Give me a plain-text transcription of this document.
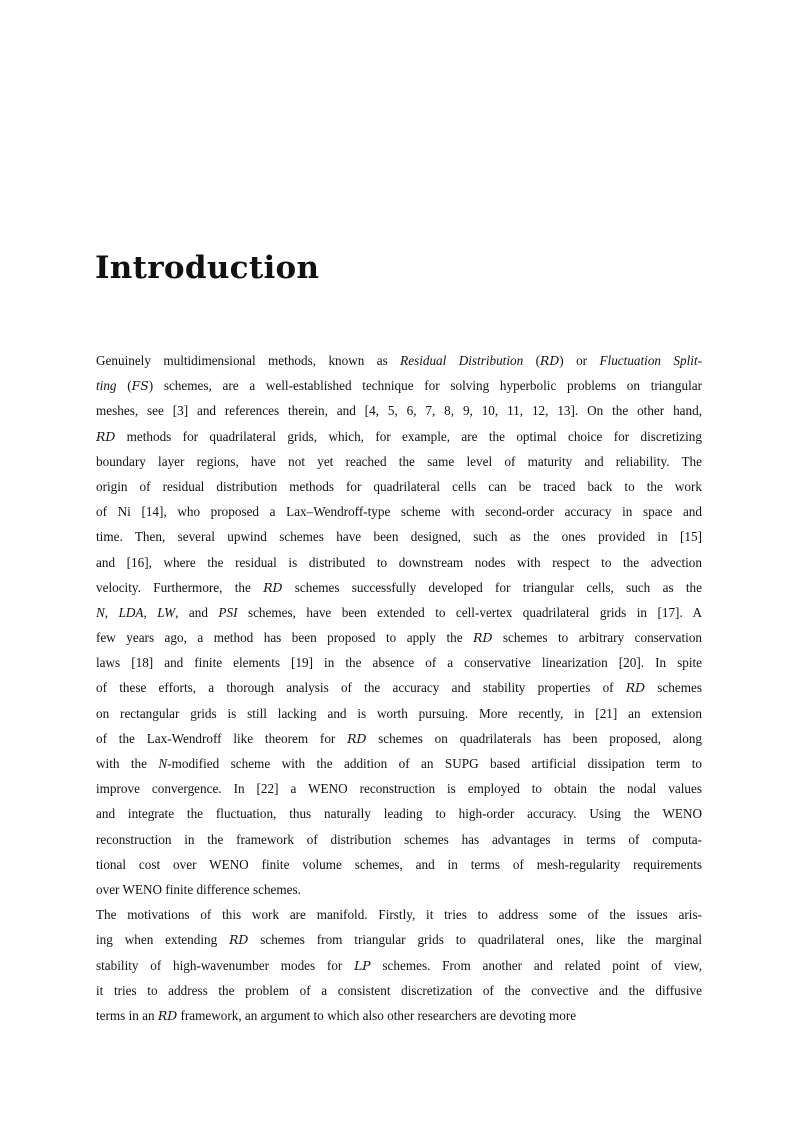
Introduction
Genuinely multidimensional methods, known as Residual Distribution (RD) or Fluctuation Split-
ting (FS) schemes, are a well-established technique for solving hyperbolic problems on triangular
meshes, see [3] and references therein, and [4, 5, 6, 7, 8, 9, 10, 11, 12, 13]. On the other hand,
RD methods for quadrilateral grids, which, for example, are the optimal choice for discretizing
boundary layer regions, have not yet reached the same level of maturity and reliability. The
origin of residual distribution methods for quadrilateral cells can be traced back to the work
of Ni [14], who proposed a Lax–Wendroff-type scheme with second-order accuracy in space and
time. Then, several upwind schemes have been designed, such as the ones provided in [15]
and [16], where the residual is distributed to downstream nodes with respect to the advection
velocity. Furthermore, the RD schemes successfully developed for triangular cells, such as the
N, LDA, LW, and PSI schemes, have been extended to cell-vertex quadrilateral grids in [17]. A
few years ago, a method has been proposed to apply the RD schemes to arbitrary conservation
laws [18] and finite elements [19] in the absence of a conservative linearization [20]. In spite
of these efforts, a thorough analysis of the accuracy and stability properties of RD schemes
on rectangular grids is still lacking and is worth pursuing. More recently, in [21] an extension
of the Lax-Wendroff like theorem for RD schemes on quadrilaterals has been proposed, along
with the N-modified scheme with the addition of an SUPG based artificial dissipation term to
improve convergence. In [22] a WENO reconstruction is employed to obtain the nodal values
and integrate the fluctuation, thus naturally leading to high-order accuracy. Using the WENO
reconstruction in the framework of distribution schemes has advantages in terms of computa-
tional cost over WENO finite volume schemes, and in terms of mesh-regularity requirements
over WENO finite difference schemes.
The motivations of this work are manifold. Firstly, it tries to address some of the issues aris-
ing when extending RD schemes from triangular grids to quadrilateral ones, like the marginal
stability of high-wavenumber modes for LP schemes. From another and related point of view,
it tries to address the problem of a consistent discretization of the convective and the diffusive
terms in an RD framework, an argument to which also other researchers are devoting more
